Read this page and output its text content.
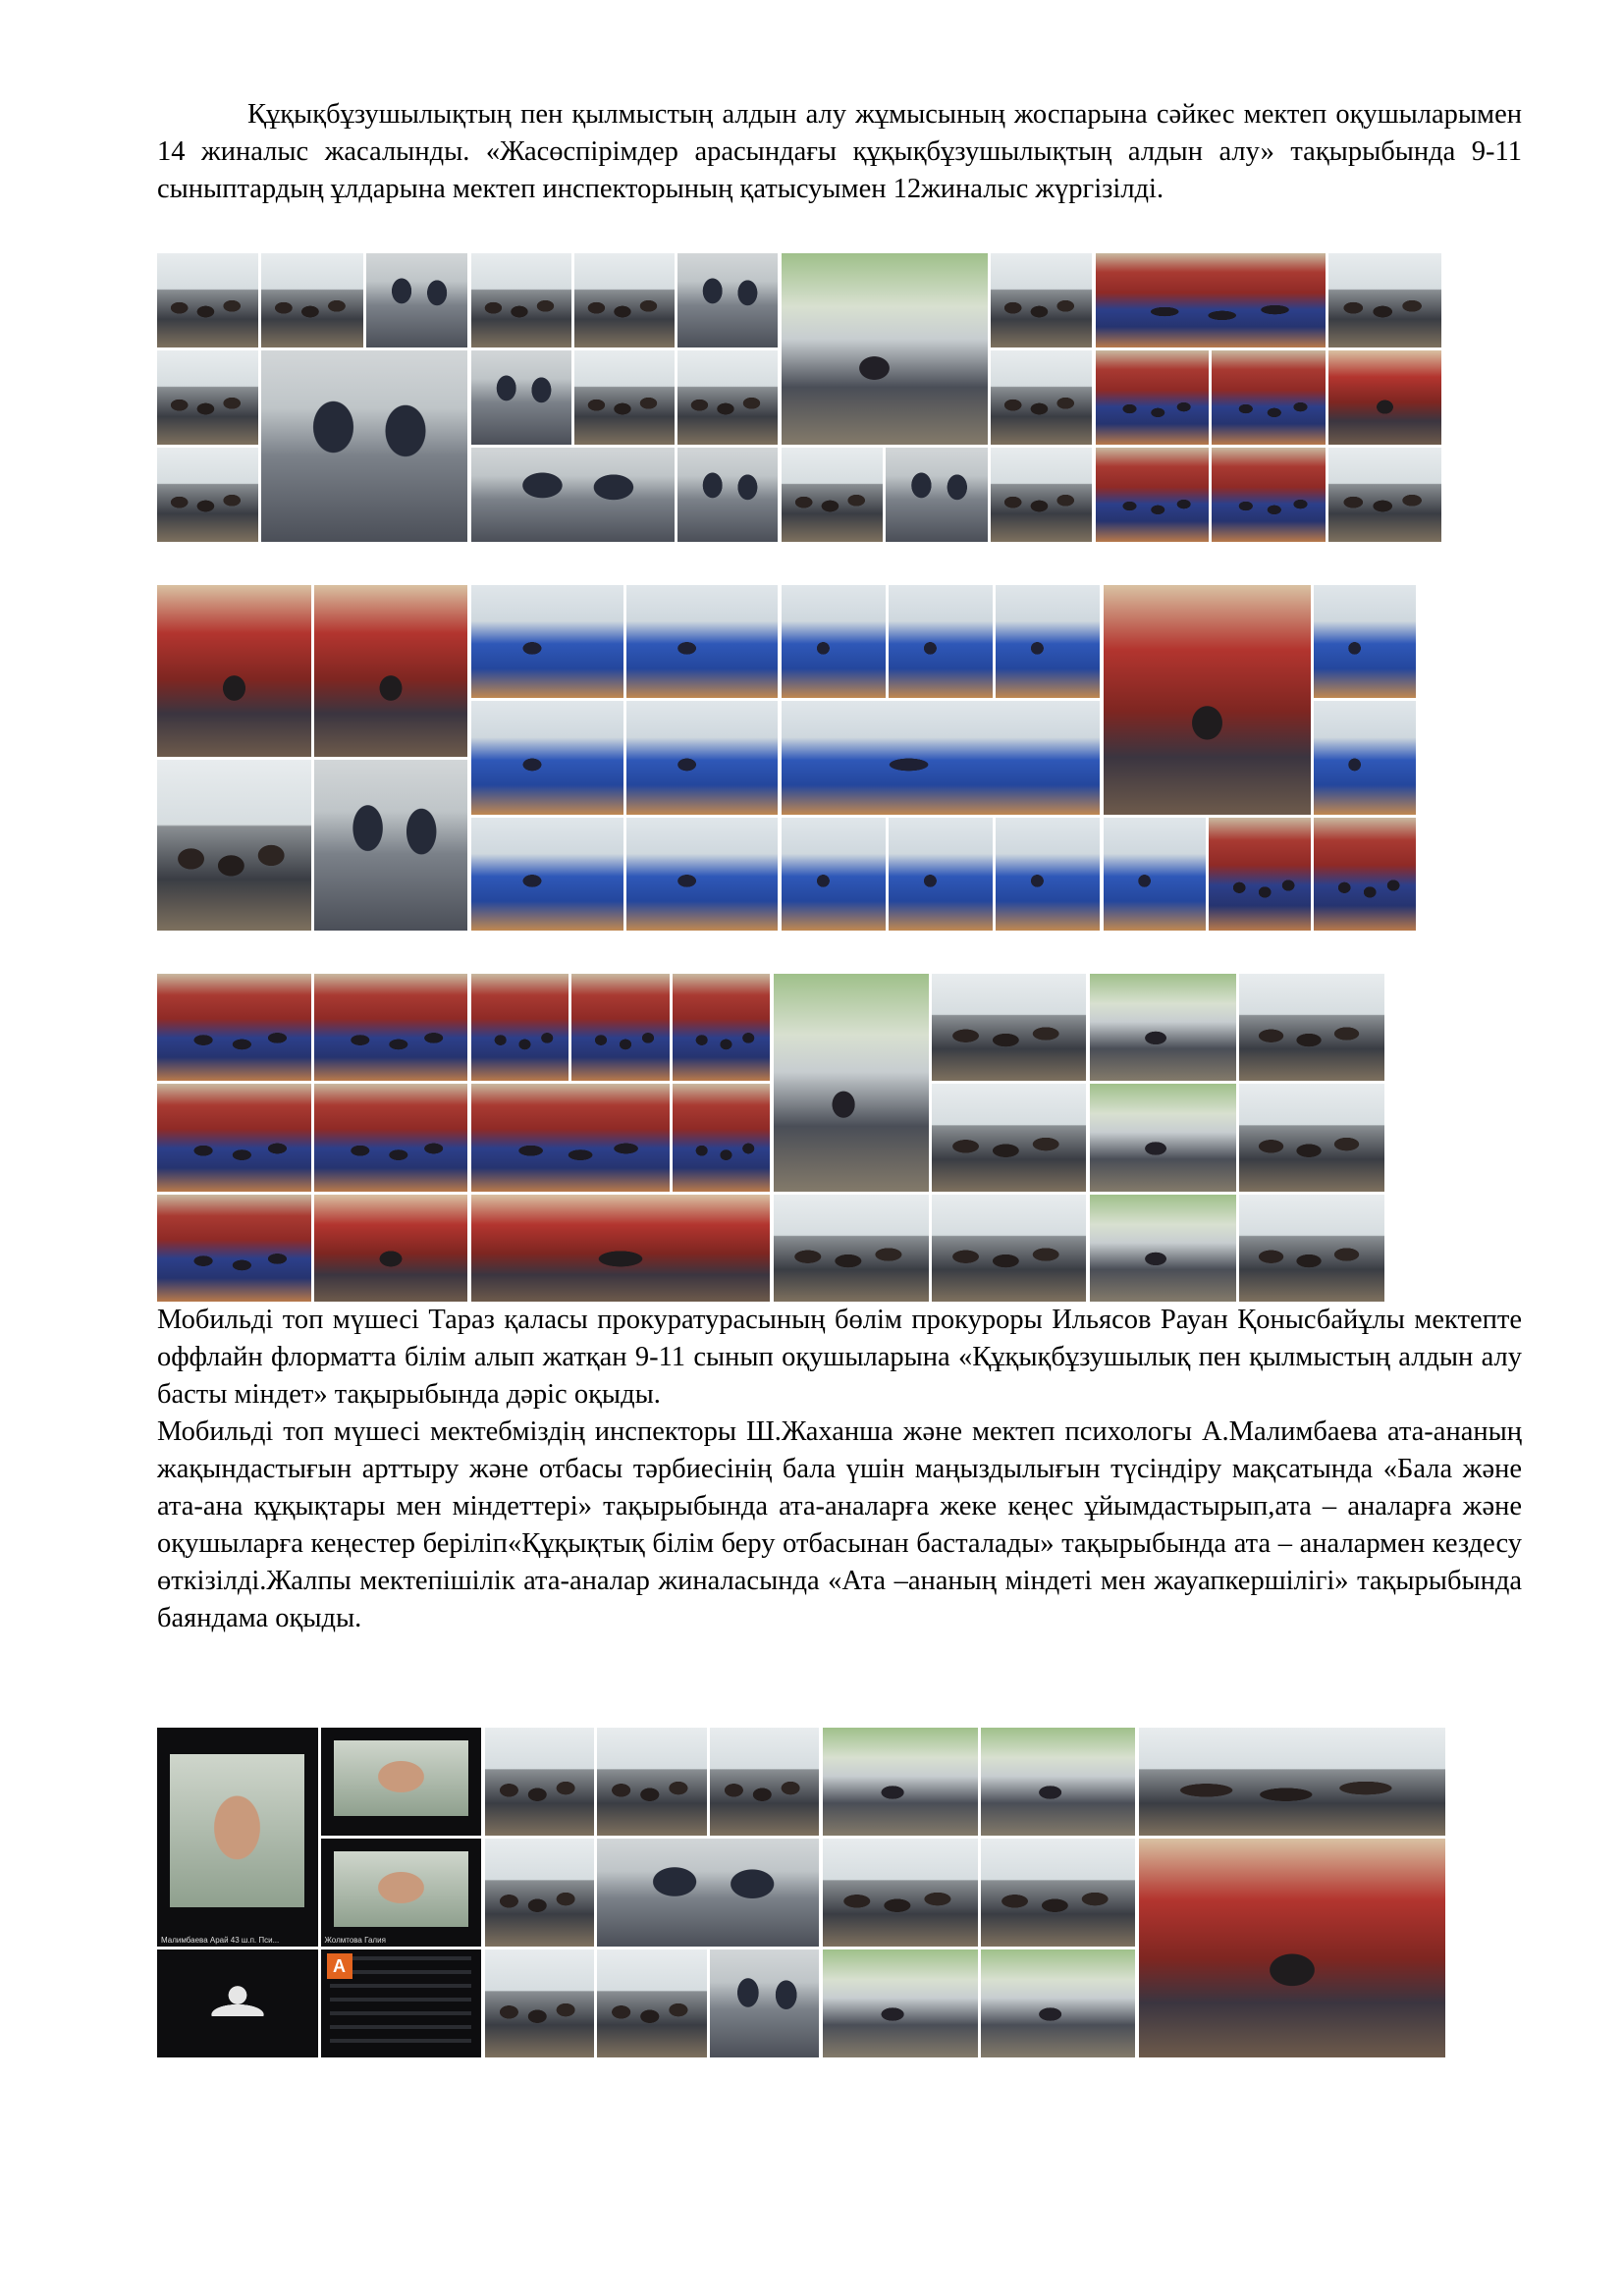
Құқықбұзушылықтың пен қылмыстың алдын алу жұмысының жоспарына сәйкес мектеп оқушыларымен 14 жиналыс жасалынды. «Жасөспірімдер арасындағы құқықбұзушылықтың алдын алу» тақырыбында 9-11 сыныптардың ұлдарына мектеп инспекторының қатысуымен 12жиналыс жүргізілді.

Мобильді топ мүшесі Тараз қаласы прокуратурасының бөлім прокуроры Ильясов Рауан Қонысбайұлы мектепте оффлайн флорматта білім алып жатқан 9-11 сынып оқушыларына «Құқықбұзушылық пен қылмыстың алдын алу басты міндет» тақырыбында дәріс оқыды.

Мобильді топ мүшесі мектебміздің инспекторы Ш.Жаханша және мектеп психологы А.Малимбаева ата-ананың жақындастығын арттыру және отбасы тәрбиесінің бала үшін маңыздылығын түсіндіру мақсатында «Бала және ата-ана құқықтары мен міндеттері» тақырыбында ата-аналарға жеке кеңес ұйымдастырып,ата – аналарға және оқушыларға кеңестер беріліп«Құқықтық білім беру отбасынан басталады» тақырыбында ата – аналармен кездесу өткізілді.Жалпы мектепішілік ата-аналар жиналасында «Ата –ананың міндеті мен жауапкершілігі» тақырыбында баяндама оқыды.

Малимбаева Арай 43 ш.п. Пси...	Жолмтова Галия
A
